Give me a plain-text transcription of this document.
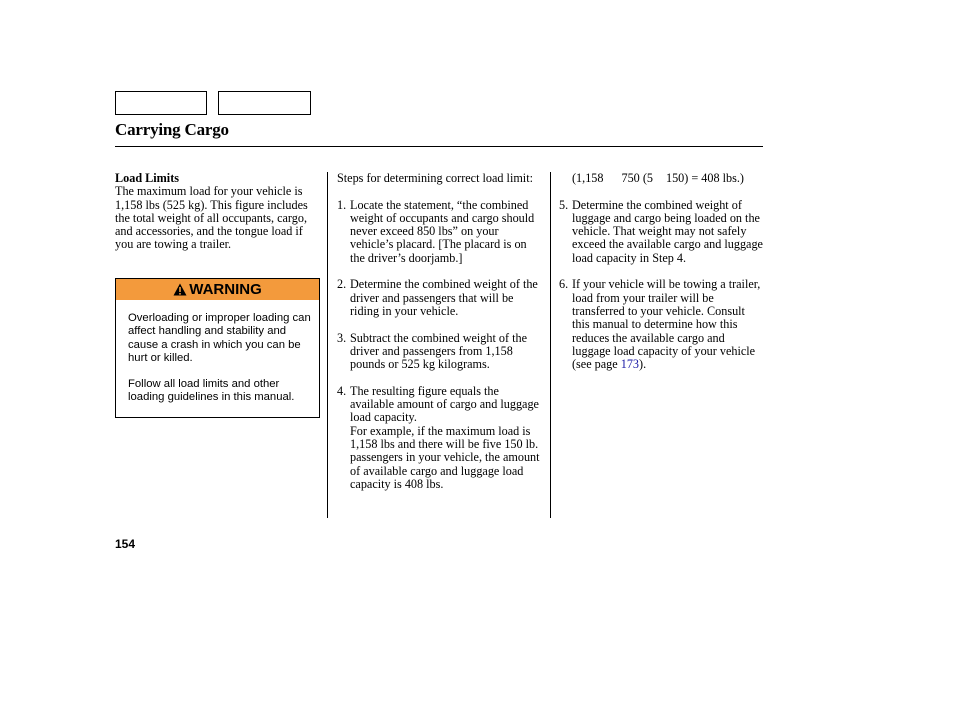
Carrying Cargo

Load Limits

The maximum load for your vehicle is 1,158 lbs (525 kg). This figure includes the total weight of all occupants, cargo, and accessories, and the tongue load if you are towing a trailer.

WARNING

Overloading or improper loading can affect handling and stability and cause a crash in which you can be hurt or killed.

Follow all load limits and other loading guidelines in this manual.

Steps for determining correct load limit:

1. Locate the statement, “the combined weight of occupants and cargo should never exceed 850 lbs” on your vehicle’s placard. [The placard is on the driver’s doorjamb.]
2. Determine the combined weight of the driver and passengers that will be riding in your vehicle.
3. Subtract the combined weight of the driver and passengers from 1,158 pounds or 525 kg kilograms.
4. The resulting figure equals the available amount of cargo and luggage load capacity.
For example, if the maximum load is 1,158 lbs and there will be five 150 lb. passengers in your vehicle, the amount of available cargo and luggage load capacity is 408 lbs.

(1,158 750 (5 150) = 408 lbs.)

5. Determine the combined weight of luggage and cargo being loaded on the vehicle. That weight may not safely exceed the available cargo and luggage load capacity in Step 4.
6. If your vehicle will be towing a trailer, load from your trailer will be transferred to your vehicle. Consult this manual to determine how this reduces the available cargo and luggage load capacity of your vehicle (see page 173).
154
